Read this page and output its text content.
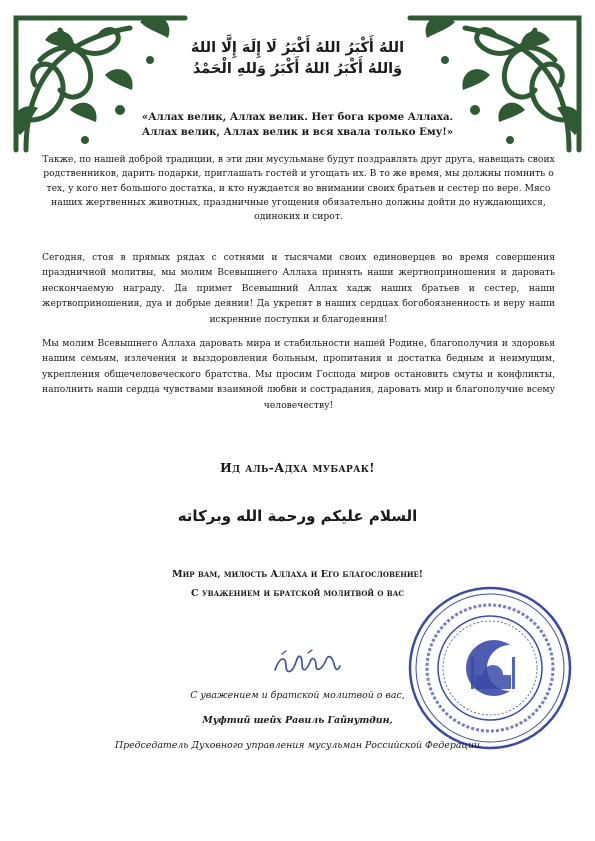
اللهُ أَكْبَرُ اللهُ أَكْبَرُ لَا إِلَهَ إِلَّا اللهُ
وَاللهُ أَكْبَرُ اللهُ أَكْبَرُ وَللهِ الْحَمْدُ
«Аллах велик, Аллах велик. Нет бога кроме Аллаха.
Аллах велик, Аллах велик и вся хвала только Ему!»

Также, по нашей доброй традиции, в эти дни мусульмане будут поздравлять друг друга, навещать своих родственников, дарить подарки, приглашать гостей и угощать их. В то же время, мы должны помнить о тех, у кого нет большого достатка, и кто нуждается во внимании своих братьев и сестер по вере. Мясо наших жертвенных животных, праздничные угощения обязательно должны дойти до нуждающихся, одиноких и сирот.

Сегодня, стоя в прямых рядах с сотнями и тысячами своих единоверцев во время совершения праздничной молитвы, мы молим Всевышнего Аллаха принять наши жертвоприношения и даровать нескончаемую награду. Да примет Всевышний Аллах хадж наших братьев и сестер, наши жертвоприношения, дуа и добрые деяния! Да укрепят в наших сердцах богобоязненность и веру наши искренние поступки и благодеяния!

Мы молим Всевышнего Аллаха даровать мира и стабильности нашей Родине, благополучия и здоровья нашим семьям, излечения и выздоровления больным, пропитания и достатка бедным и неимущим, укрепления общечеловеческого братства. Мы просим Господа миров остановить смуты и конфликты, наполнить наши сердца чувствами взаимной любви и сострадания, даровать мир и благополучие всему человечеству!

Ид аль-Адха мубарак!
السلام عليكم ورحمة الله وبركاته
Мир вам, милость Аллаха и Его благословение!
С уважением и братской молитвой о вас
С уважением и братской молитвой о вас,
Муфтий шейх Равиль Гайнутдин,
Председатель Духовного управления мусульман Российской Федерации
